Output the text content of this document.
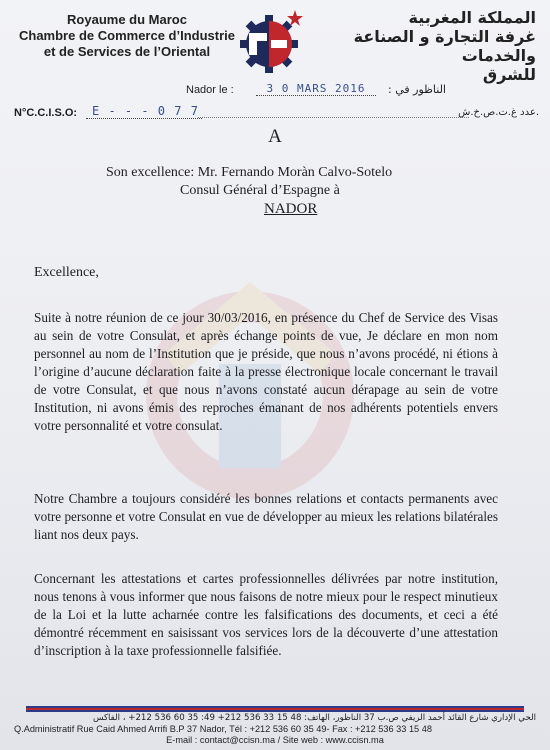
Royaume du Maroc
Chambre de Commerce d’Industrie
et de Services de l’Oriental
المملكة المغربية
غرفة التجارة و الصناعة والخدمات
للشرق
Nador le :	3 0 MARS 2016	: الناظور في
N°C.C.I.S.O:	E - - - 0 7 7	عدد غ.ت.ص.خ.ش.
A
Son excellence: Mr. Fernando Moràn Calvo-Sotelo
Consul Général d’Espagne à
NADOR
Excellence,
Suite à notre réunion de ce jour 30/03/2016, en présence du Chef de Service des Visas au sein de votre Consulat, et après échange points de vue, Je déclare en mon nom personnel au nom de l’Institution que je préside, que nous n’avons procédé, ni étions à l’origine d’aucune déclaration faite à la presse électronique locale concernant le travail de votre Consulat, et que nous n’avons constaté aucun dérapage au sein de votre Institution, ni avons émis des reproches émanant de nos adhérents potentiels envers votre personnalité et votre consulat.
Notre Chambre a toujours considéré les bonnes relations et contacts permanents avec votre personne et votre Consulat en vue de développer au mieux les relations bilatérales liant nos deux pays.
Concernant les attestations et cartes professionnelles délivrées par notre institution, nous tenons à vous informer que nous faisons de notre mieux pour le respect minutieux de la Loi et la lutte acharnée contre les falsifications des documents, et ceci a été démontré récemment en saisissant vos services lors de la découverte d’une attestation d’inscription à la taxe professionnelle falsifiée.
الحي الإداري شارع القائد أحمد الريفي ص.ب 37 الناظور، الهاتف: 48 15 33 536 212+ 49: 35 60 536 212+ ، الفاكس
Q.Administratif Rue Caid Ahmed Arrifi B.P 37 Nador, Tél : +212 536 60 35 49- Fax : +212 536 33 15 48
E-mail : contact@ccisn.ma / Site web : www.ccisn.ma
